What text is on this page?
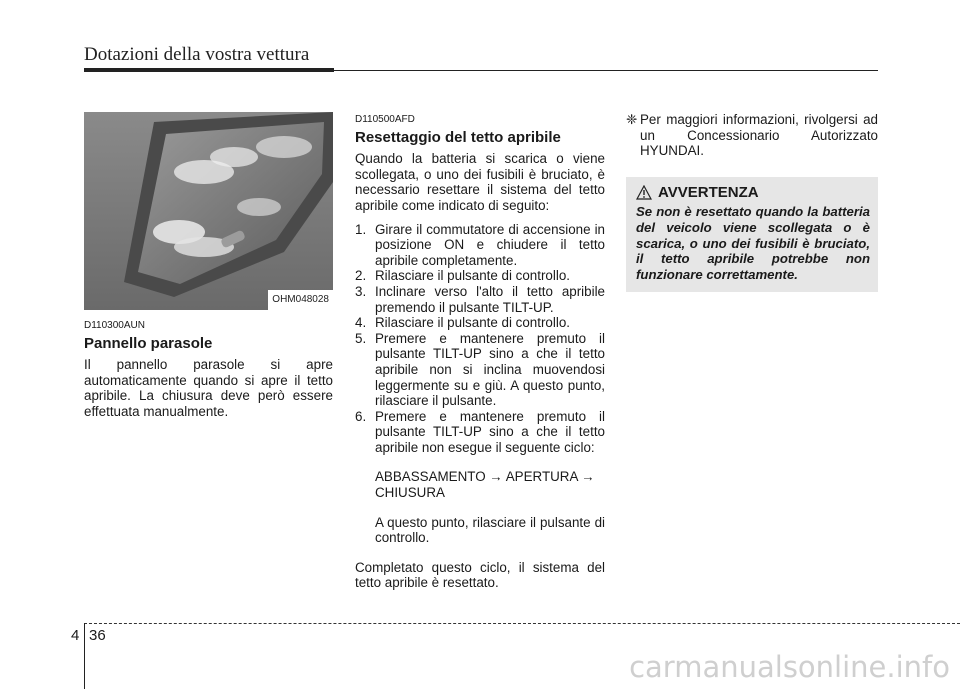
Dotazioni della vostra vettura
OHM048028
D110300AUN
Pannello parasole

Il pannello parasole si apre automaticamente quando si apre il tetto apribile. La chiusura deve però essere effettuata manualmente.

D110500AFD
Resettaggio del tetto apribile

Quando la batteria si scarica o viene scollegata, o uno dei fusibili è bruciato, è necessario resettare il sistema del tetto apribile come indicato di seguito:

1. Girare il commutatore di accensione in posizione ON e chiudere il tetto apribile completamente.
2. Rilasciare il pulsante di controllo.
3. Inclinare verso l'alto il tetto apribile premendo il pulsante TILT-UP.
4. Rilasciare il pulsante di controllo.
5. Premere e mantenere premuto il pulsante TILT-UP sino a che il tetto apribile non si inclina muovendosi leggermente su e giù. A questo punto, rilasciare il pulsante.
6. Premere e mantenere premuto il pulsante TILT-UP sino a che il tetto apribile non esegue il seguente ciclo:
ABBASSAMENTO → APERTURA → CHIUSURA
A questo punto, rilasciare il pulsante di controllo.

Completato questo ciclo, il sistema del tetto apribile è resettato.

❈ Per maggiori informazioni, rivolgersi ad un Concessionario Autorizzato HYUNDAI.
AVVERTENZA
Se non è resettato quando la batteria del veicolo viene scollegata o è scarica, o uno dei fusibili è bruciato, il tetto apribile potrebbe non funzionare correttamente.
4 36
carmanualsonline.info
